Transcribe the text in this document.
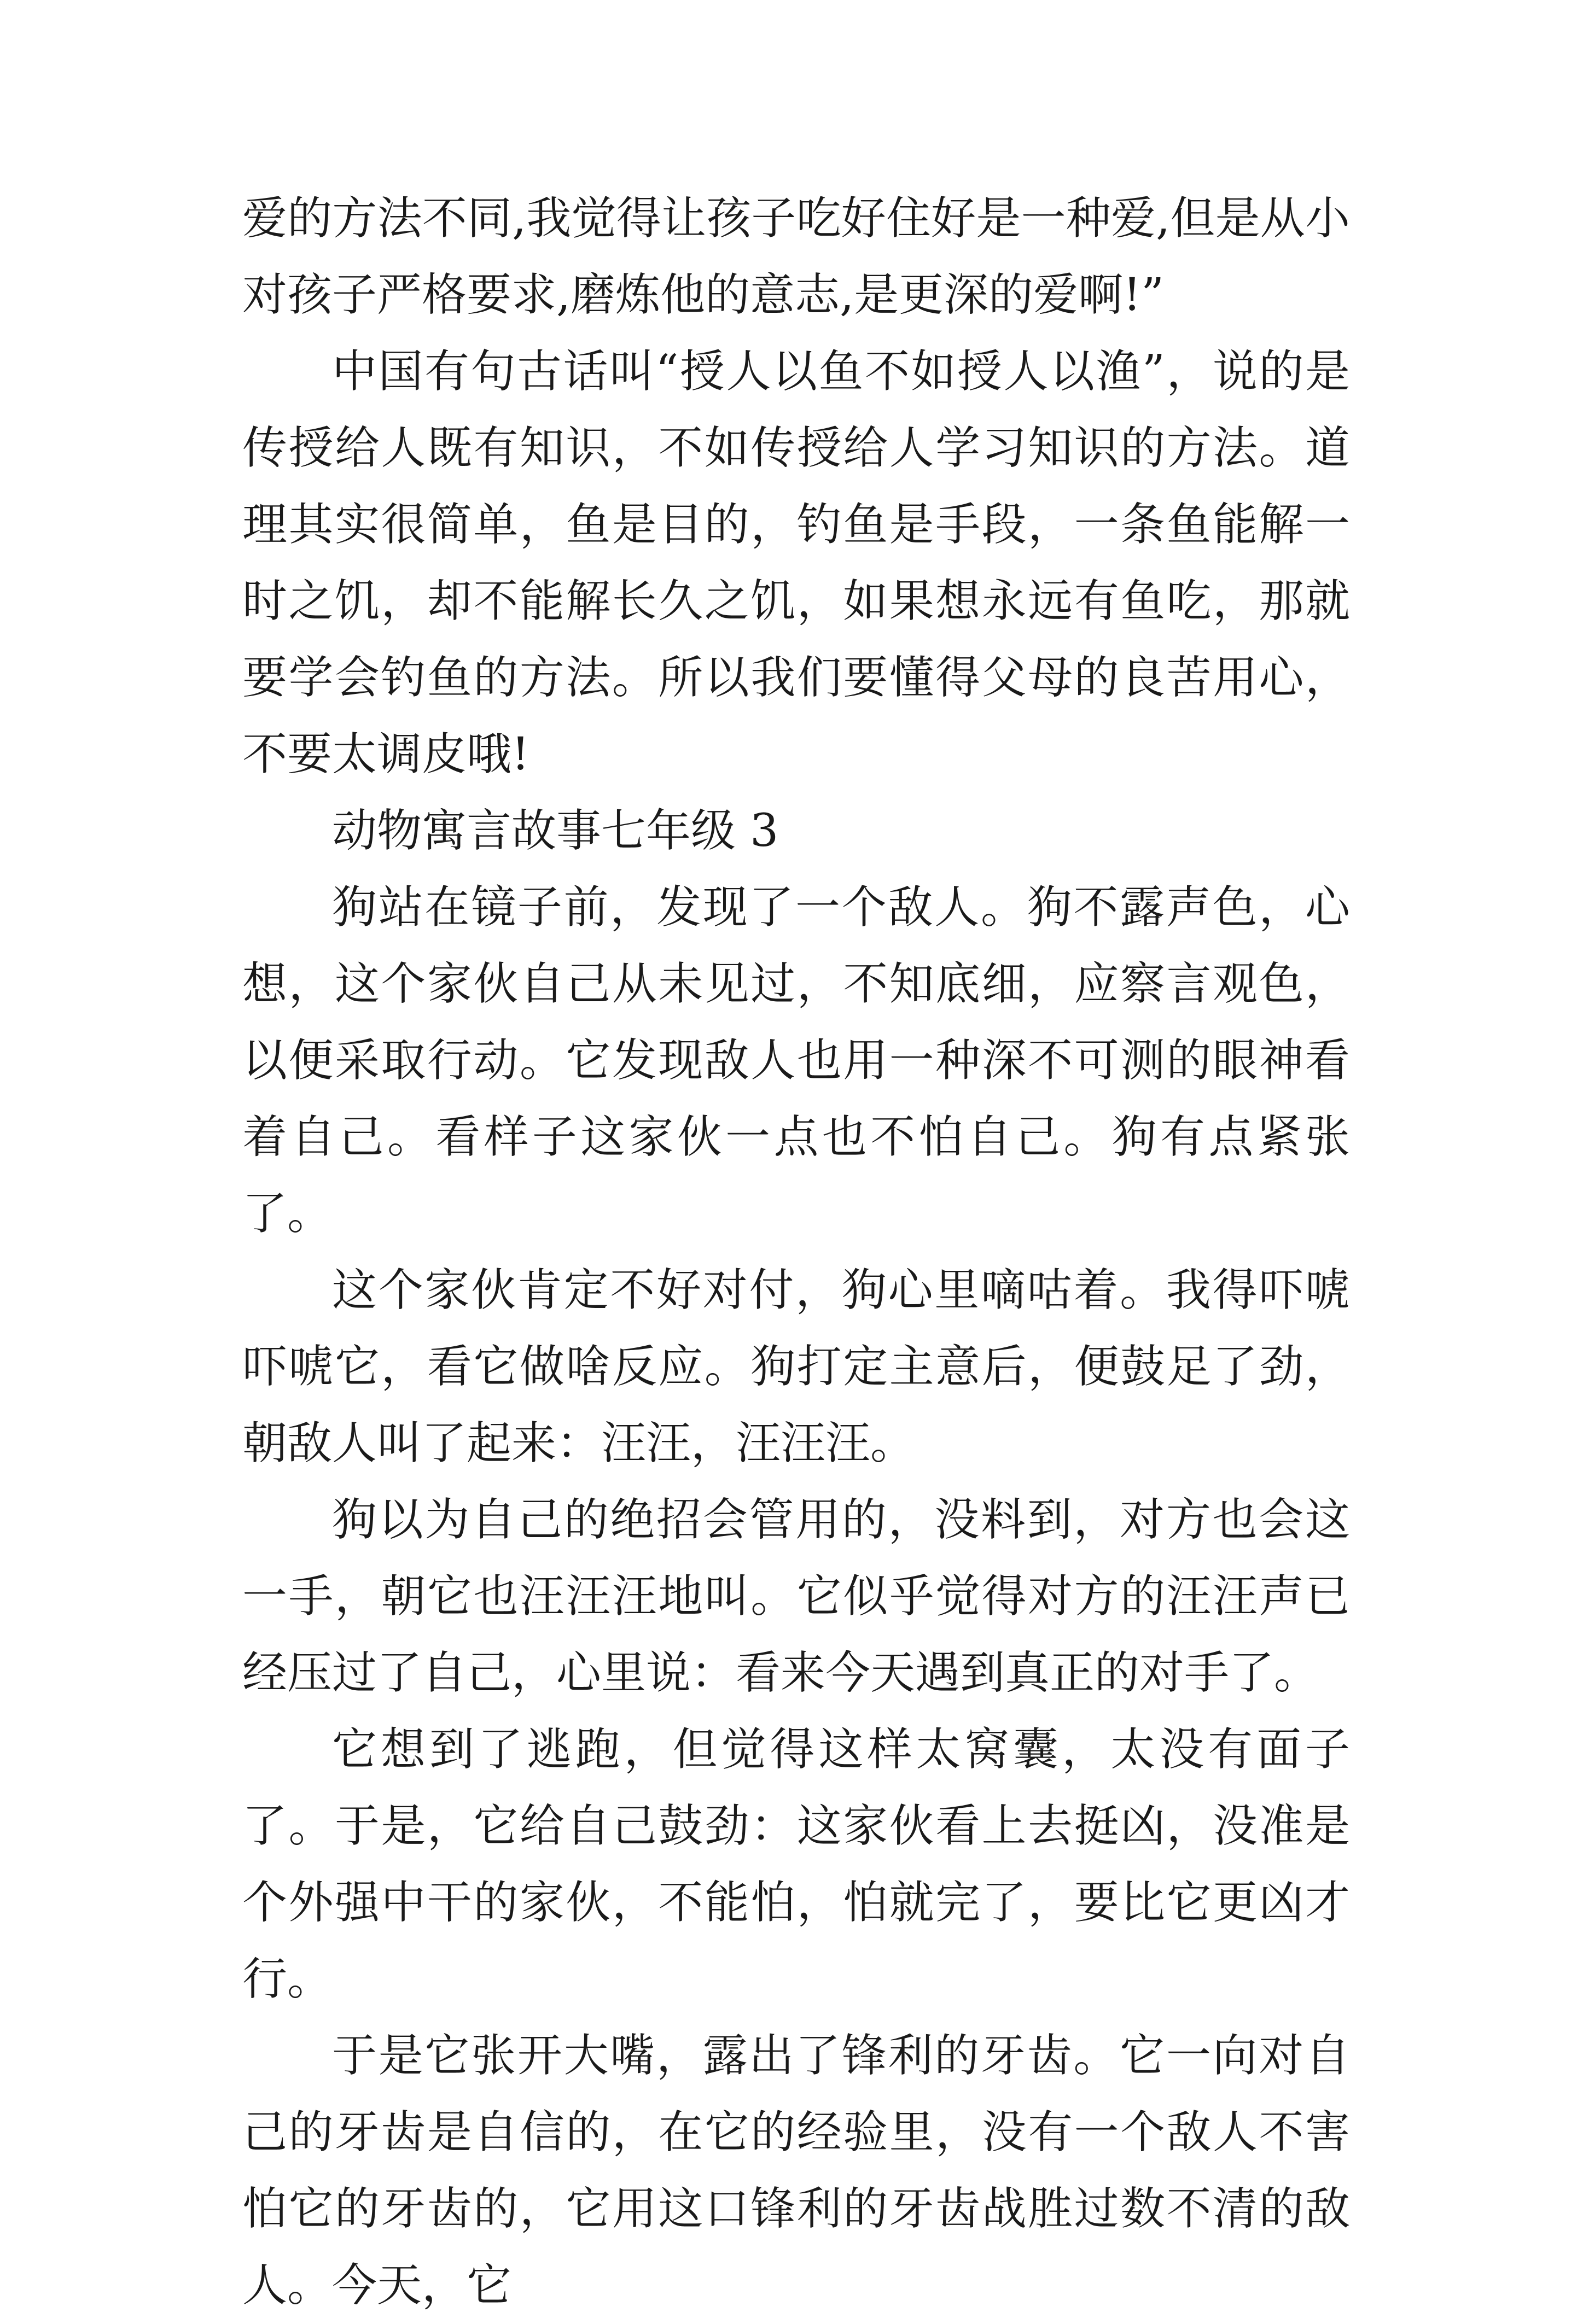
爱的方法不同,我觉得让孩子吃好住好是一种爱,但是从小对孩子严格要求,磨炼他的意志,是更深的爱啊!”

中国有句古话叫“授人以鱼不如授人以渔”，说的是传授给人既有知识，不如传授给人学习知识的方法。道理其实很简单，鱼是目的，钓鱼是手段，一条鱼能解一时之饥，却不能解长久之饥，如果想永远有鱼吃，那就要学会钓鱼的方法。所以我们要懂得父母的良苦用心，不要太调皮哦!

动物寓言故事七年级 3

狗站在镜子前，发现了一个敌人。狗不露声色，心想，这个家伙自己从未见过，不知底细，应察言观色，以便采取行动。它发现敌人也用一种深不可测的眼神看着自己。看样子这家伙一点也不怕自己。狗有点紧张了。

这个家伙肯定不好对付，狗心里嘀咕着。我得吓唬吓唬它，看它做啥反应。狗打定主意后，便鼓足了劲，朝敌人叫了起来：汪汪，汪汪汪。

狗以为自己的绝招会管用的，没料到，对方也会这一手，朝它也汪汪汪地叫。它似乎觉得对方的汪汪声已经压过了自己，心里说：看来今天遇到真正的对手了。

它想到了逃跑，但觉得这样太窝囊，太没有面子了。于是，它给自己鼓劲：这家伙看上去挺凶，没准是个外强中干的家伙，不能怕，怕就完了，要比它更凶才行。

于是它张开大嘴，露出了锋利的牙齿。它一向对自己的牙齿是自信的，在它的经验里，没有一个敌人不害怕它的牙齿的，它用这口锋利的牙齿战胜过数不清的敌人。今天，它
